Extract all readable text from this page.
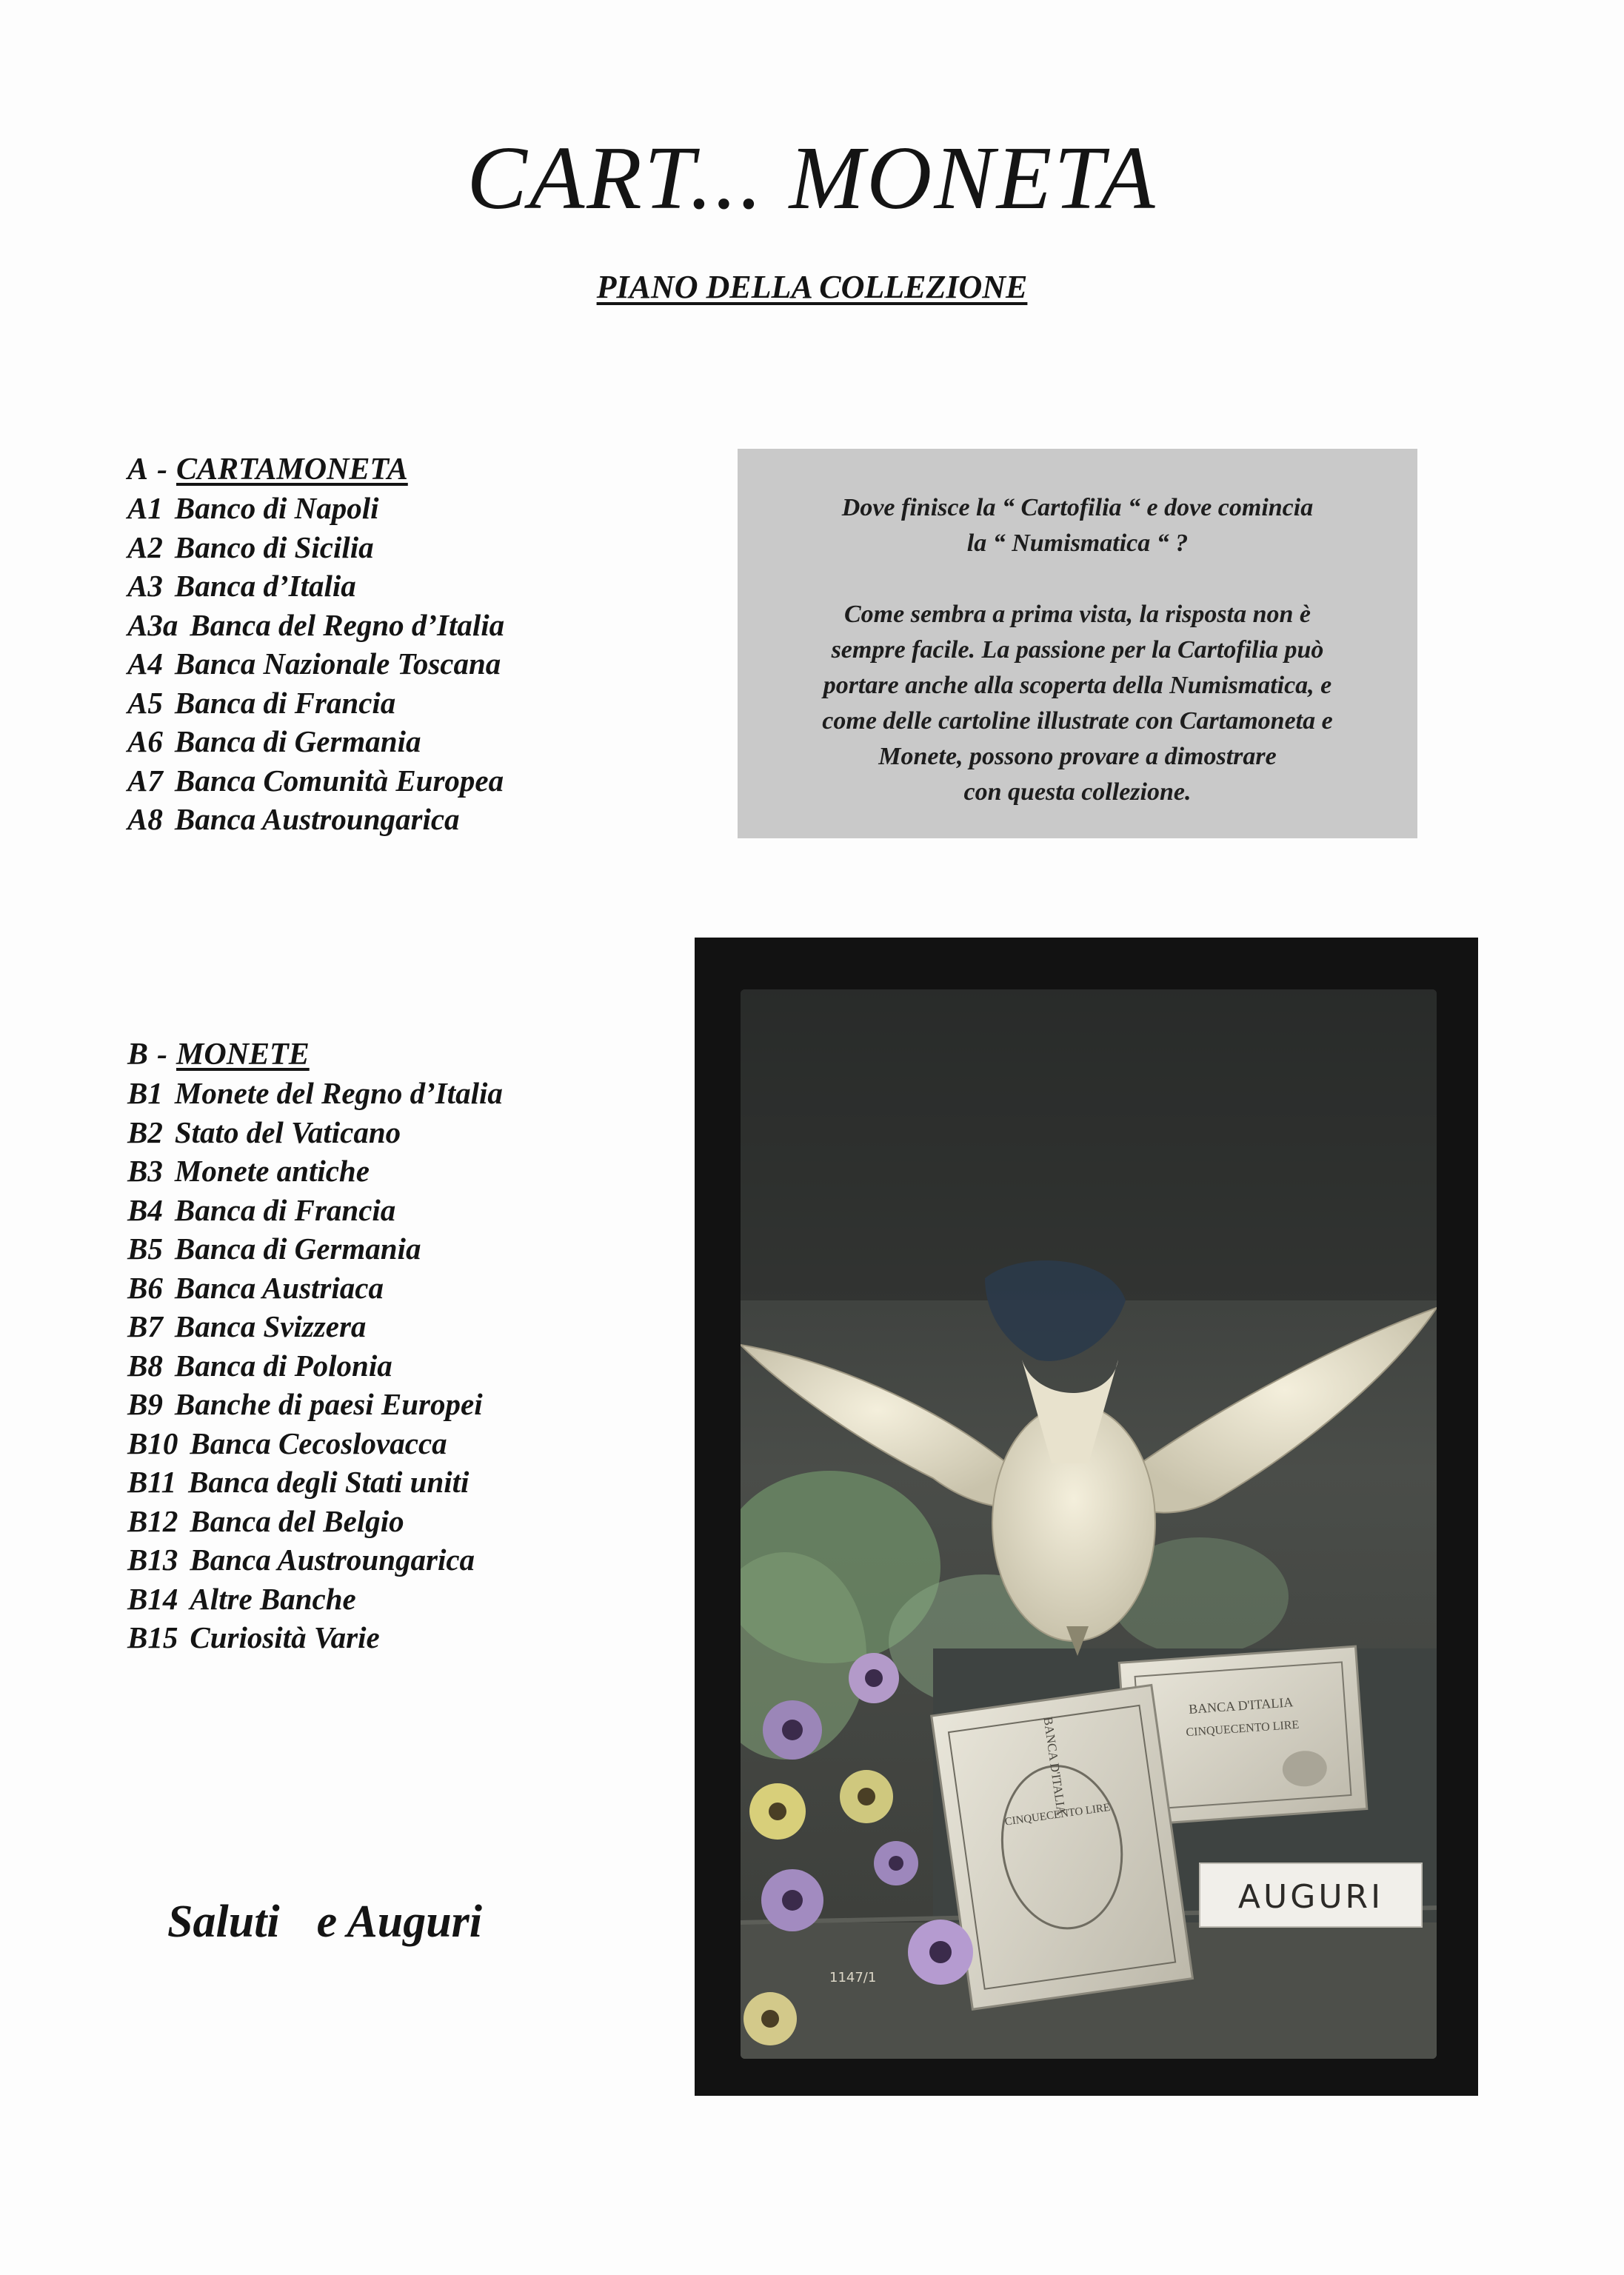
CART... MONETA
PIANO DELLA COLLEZIONE
A - CARTAMONETA
A1 Banco di Napoli
A2 Banco di Sicilia
A3 Banca d’Italia
A3a Banca del Regno d’Italia
A4 Banca Nazionale Toscana
A5 Banca di Francia
A6 Banca di Germania
A7 Banca Comunità Europea
A8 Banca Austroungarica

Dove finisce la “ Cartofilia “ e dove comincia

la “ Numismatica “ ?

Come sembra a prima vista, la risposta non è

sempre facile. La passione per la Cartofilia può

portare anche alla scoperta della Numismatica, e

come delle cartoline illustrate con Cartamoneta e

Monete, possono provare a dimostrare

con questa collezione.

B - MONETE
B1 Monete del Regno d’Italia
B2 Stato del Vaticano
B3 Monete antiche
B4 Banca di Francia
B5 Banca di Germania
B6 Banca Austriaca
B7 Banca Svizzera
B8 Banca di Polonia
B9 Banche di paesi Europei
B10 Banca Cecoslovacca
B11 Banca degli Stati uniti
B12 Banca del Belgio
B13 Banca Austroungarica
B14 Altre Banche
B15 Curiosità Varie
Saluti e Auguri
BANCA D'ITALIA
CINQUECENTO LIRE
BANCA D'ITALIA
CINQUECENTO LIRE
AUGURI
1147/1
